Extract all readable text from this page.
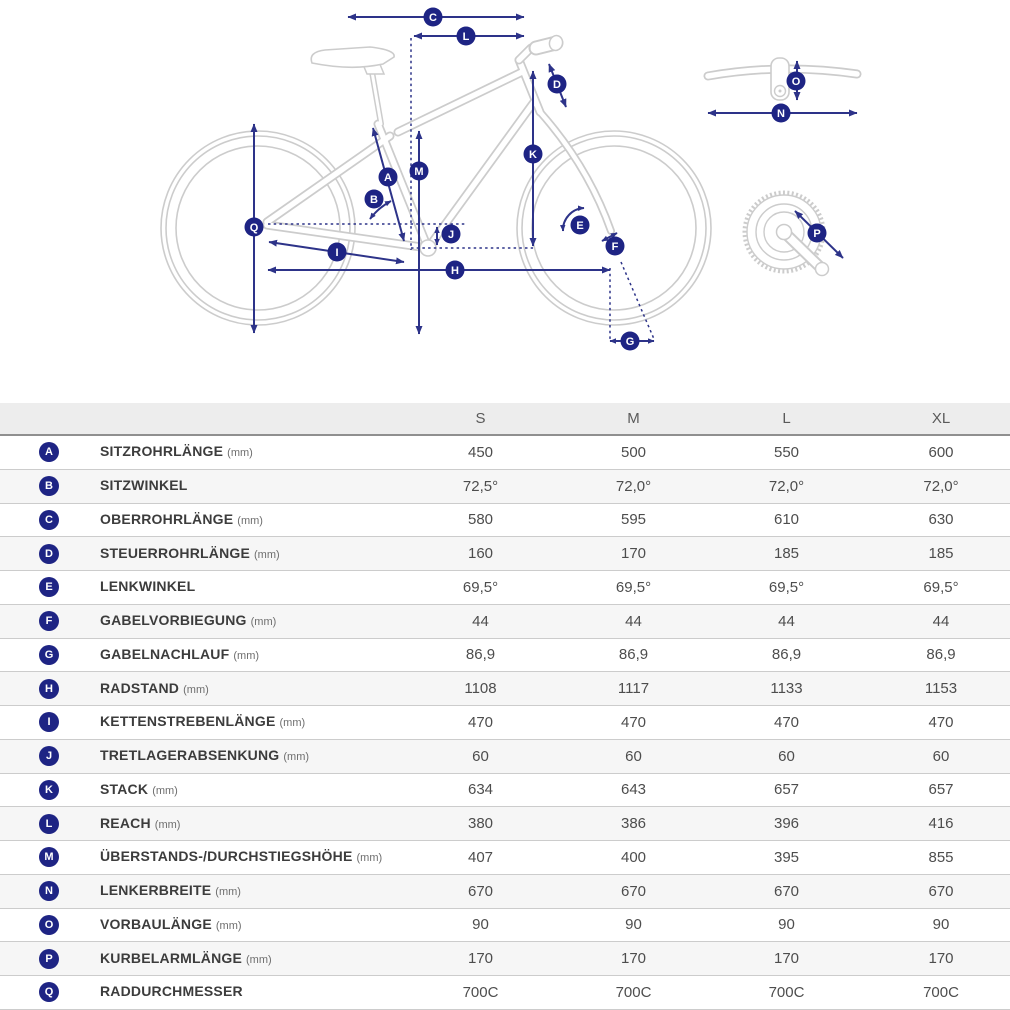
C
L
D
K
M
A
B
E
F
Q
J
I
H
G
O
N
P
S	M	L	XL
A	SITZROHRLÄNGE (mm)	450	500	550	600
B	SITZWINKEL	72,5°	72,0°	72,0°	72,0°
C	OBERROHRLÄNGE (mm)	580	595	610	630
D	STEUERROHRLÄNGE (mm)	160	170	185	185
E	LENKWINKEL	69,5°	69,5°	69,5°	69,5°
F	GABELVORBIEGUNG (mm)	44	44	44	44
G	GABELNACHLAUF (mm)	86,9	86,9	86,9	86,9
H	RADSTAND (mm)	1108	1117	1133	1153
I	KETTENSTREBENLÄNGE (mm)	470	470	470	470
J	TRETLAGERABSENKUNG (mm)	60	60	60	60
K	STACK (mm)	634	643	657	657
L	REACH (mm)	380	386	396	416
M	ÜBERSTANDS-/DURCHSTIEGSHÖHE (mm)	407	400	395	855
N	LENKERBREITE (mm)	670	670	670	670
O	VORBAULÄNGE (mm)	90	90	90	90
P	KURBELARMLÄNGE (mm)	170	170	170	170
Q	RADDURCHMESSER	700C	700C	700C	700C
